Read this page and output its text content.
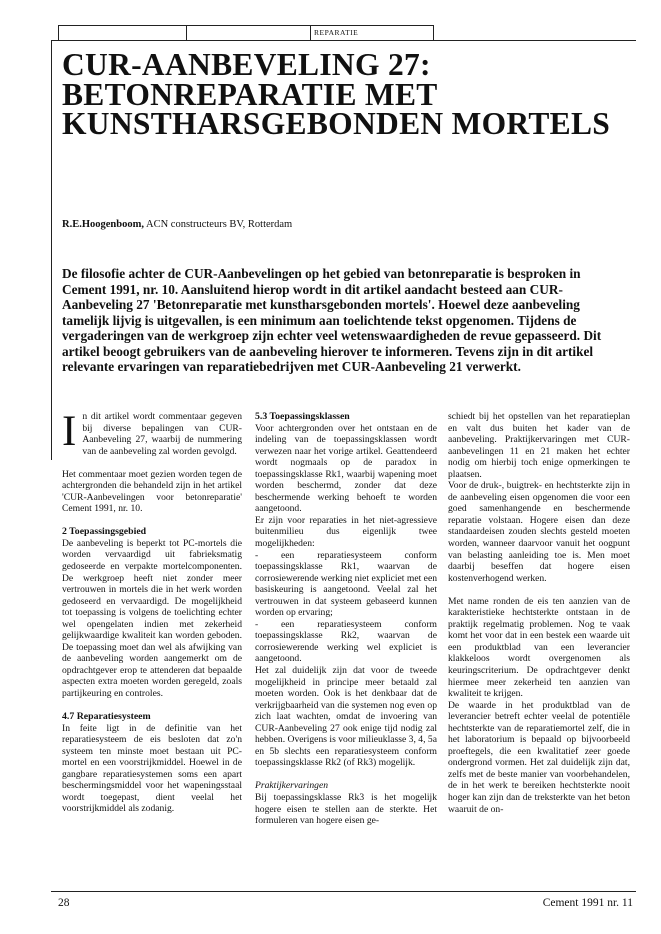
REPARATIE
CUR-AANBEVELING 27: BETONREPARATIE MET KUNSTHARSGEBONDEN MORTELS
R.E.Hoogenboom, ACN constructeurs BV, Rotterdam

De filosofie achter de CUR-Aanbevelingen op het gebied van betonreparatie is besproken in Cement 1991, nr. 10. Aansluitend hierop wordt in dit artikel aandacht besteed aan CUR-Aanbeveling 27 'Betonreparatie met kunstharsgebonden mortels'. Hoewel deze aanbeveling tamelijk lijvig is uitgevallen, is een minimum aan toelichtende tekst opgenomen. Tijdens de vergaderingen van de werkgroep zijn echter veel wetenswaardigheden de revue gepasseerd. Dit artikel beoogt gebruikers van de aanbeveling hierover te informeren. Tevens zijn in dit artikel relevante ervaringen van reparatiebedrijven met CUR-Aanbeveling 21 verwerkt.

In dit artikel wordt commentaar gegeven bij diverse bepalingen van CUR-Aanbeveling 27, waarbij de nummering van de aanbeveling zal worden gevolgd.

Het commentaar moet gezien worden tegen de achtergronden die behandeld zijn in het artikel 'CUR-Aanbevelingen voor betonreparatie' Cement 1991, nr. 10.

2 Toepassingsgebied

De aanbeveling is beperkt tot PC-mortels die worden vervaardigd uit fabrieksmatig gedoseerde en verpakte mortelcomponenten. De werkgroep heeft niet zonder meer vertrouwen in mortels die in het werk worden gedoseerd en vervaardigd. De mogelijkheid tot toepassing is volgens de toelichting echter wel opengelaten indien met zekerheid gelijkwaardige kwaliteit kan worden geboden. De toepassing moet dan wel als afwijking van de aanbeveling worden aangemerkt om de opdrachtgever erop te attenderen dat bepaalde aspecten extra moeten worden geregeld, zoals partijkeuring en controles.

4.7 Reparatiesysteem

In feite ligt in de definitie van het reparatiesysteem de eis besloten dat zo'n systeem ten minste moet bestaan uit PC-mortel en een voorstrijkmiddel. Hoewel in de gangbare reparatiesystemen soms een apart beschermingsmiddel voor het wapeningsstaal wordt toegepast, dient veelal het voorstrijkmiddel als zodanig.

5.3 Toepassingsklassen

Voor achtergronden over het ontstaan en de indeling van de toepassingsklassen wordt verwezen naar het vorige artikel. Geattendeerd wordt nogmaals op de paradox in toepassingsklasse Rk1, waarbij wapening moet worden beschermd, zonder dat deze beschermende werking behoeft te worden aangetoond.

Er zijn voor reparaties in het niet-agressieve buitenmilieu dus eigenlijk twee mogelijkheden:

- een reparatiesysteem conform toepassingsklasse Rk1, waarvan de corrosiewerende werking niet expliciet met een basiskeuring is aangetoond. Veelal zal het vertrouwen in dat systeem gebaseerd kunnen worden op ervaring;

- een reparatiesysteem conform toepassingsklasse Rk2, waarvan de corrosiewerende werking wel expliciet is aangetoond.

Het zal duidelijk zijn dat voor de tweede mogelijkheid in principe meer betaald zal moeten worden. Ook is het denkbaar dat de verkrijgbaarheid van die systemen nog even op zich laat wachten, omdat de invoering van CUR-Aanbeveling 27 ook enige tijd nodig zal hebben. Overigens is voor milieuklasse 3, 4, 5a en 5b slechts een reparatiesysteem conform toepassingsklasse Rk2 (of Rk3) mogelijk.

Praktijkervaringen

Bij toepassingsklasse Rk3 is het mogelijk hogere eisen te stellen aan de sterkte. Het formuleren van hogere eisen ge-

schiedt bij het opstellen van het reparatieplan en valt dus buiten het kader van de aanbeveling. Praktijkervaringen met CUR-aanbevelingen 11 en 21 maken het echter nodig om hierbij toch enige opmerkingen te plaatsen.

Voor de druk-, buigtrek- en hechtsterkte zijn in de aanbeveling eisen opgenomen die voor een goed samenhangende en beschermende reparatie volstaan. Hogere eisen dan deze standaardeisen zouden slechts gesteld moeten worden, wanneer daarvoor vanuit het oogpunt van belasting aanleiding toe is. Men moet daarbij beseffen dat hogere eisen kostenverhogend werken.

Met name ronden de eis ten aanzien van de karakteristieke hechtsterkte ontstaan in de praktijk regelmatig problemen. Nog te vaak komt het voor dat in een bestek een waarde uit een produktblad van een leverancier klakkeloos wordt overgenomen als keuringscriterium. De opdrachtgever denkt hiermee meer zekerheid ten aanzien van kwaliteit te krijgen.

De waarde in het produktblad van de leverancier betreft echter veelal de potentiële hechtsterkte van de reparatiemortel zelf, die in het laboratorium is bepaald op bijvoorbeeld proeftegels, die een kwalitatief zeer goede ondergrond vormen. Het zal duidelijk zijn dat, zelfs met de beste manier van voorbehandelen, de in het werk te bereiken hechtsterkte nooit hoger kan zijn dan de treksterkte van het beton waaruit de on-

28	Cement 1991 nr. 11
